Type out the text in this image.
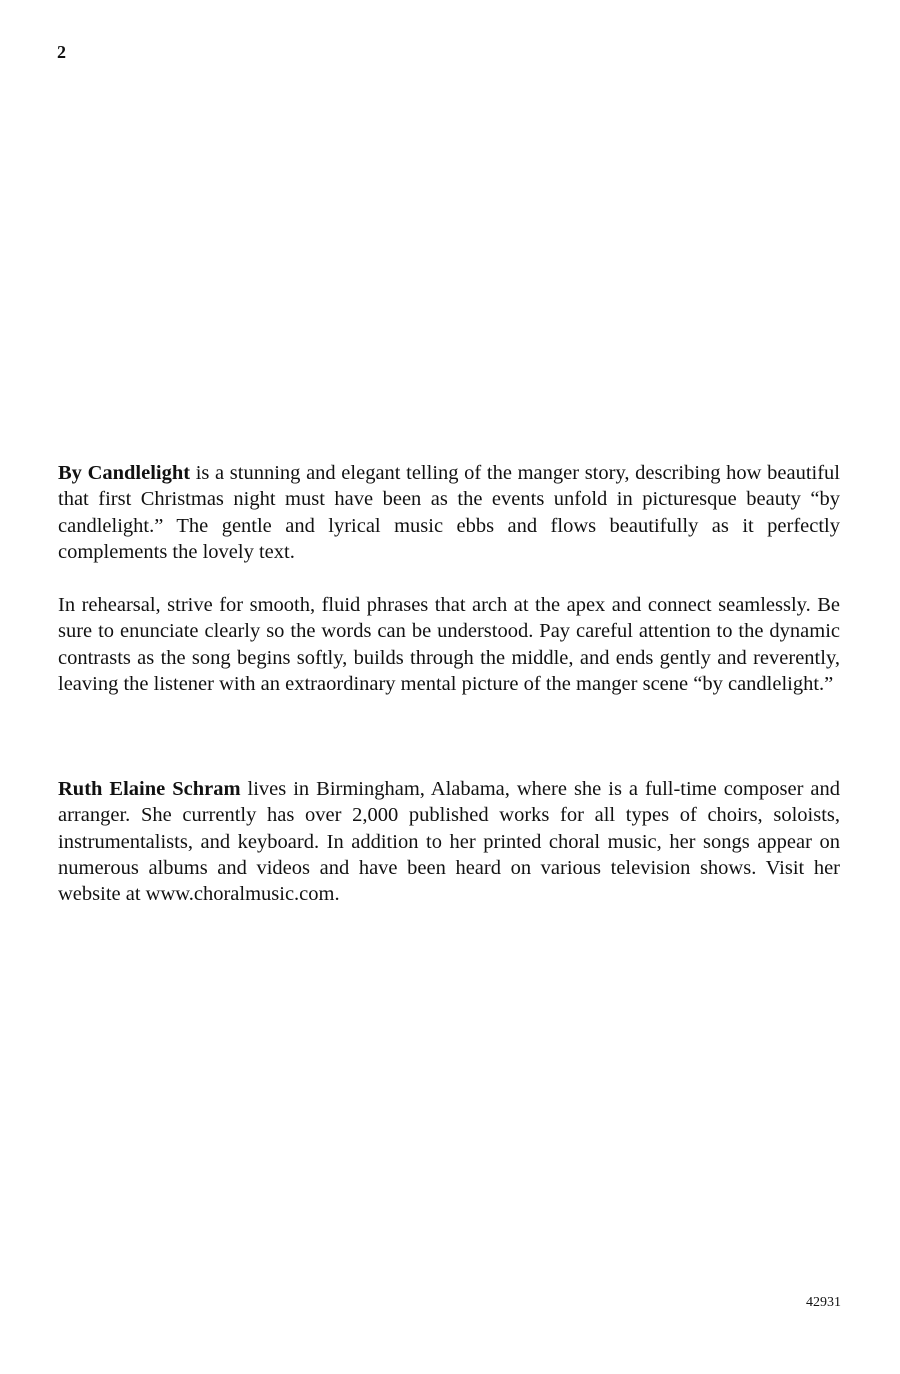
2

By Candlelight is a stunning and elegant telling of the manger story, describing how beautiful that first Christmas night must have been as the events unfold in picturesque beauty “by candlelight.” The gentle and lyrical music ebbs and flows beautifully as it perfectly complements the lovely text.

In rehearsal, strive for smooth, fluid phrases that arch at the apex and connect seamlessly. Be sure to enunciate clearly so the words can be understood. Pay careful attention to the dynamic contrasts as the song begins softly, builds through the middle, and ends gently and reverently, leaving the listener with an extraordinary mental picture of the manger scene “by candlelight.”

Ruth Elaine Schram lives in Birmingham, Alabama, where she is a full-time composer and arranger. She currently has over 2,000 published works for all types of choirs, soloists, instrumentalists, and keyboard. In addition to her printed choral music, her songs appear on numerous albums and videos and have been heard on various television shows. Visit her website at www.choralmusic.com.

42931
